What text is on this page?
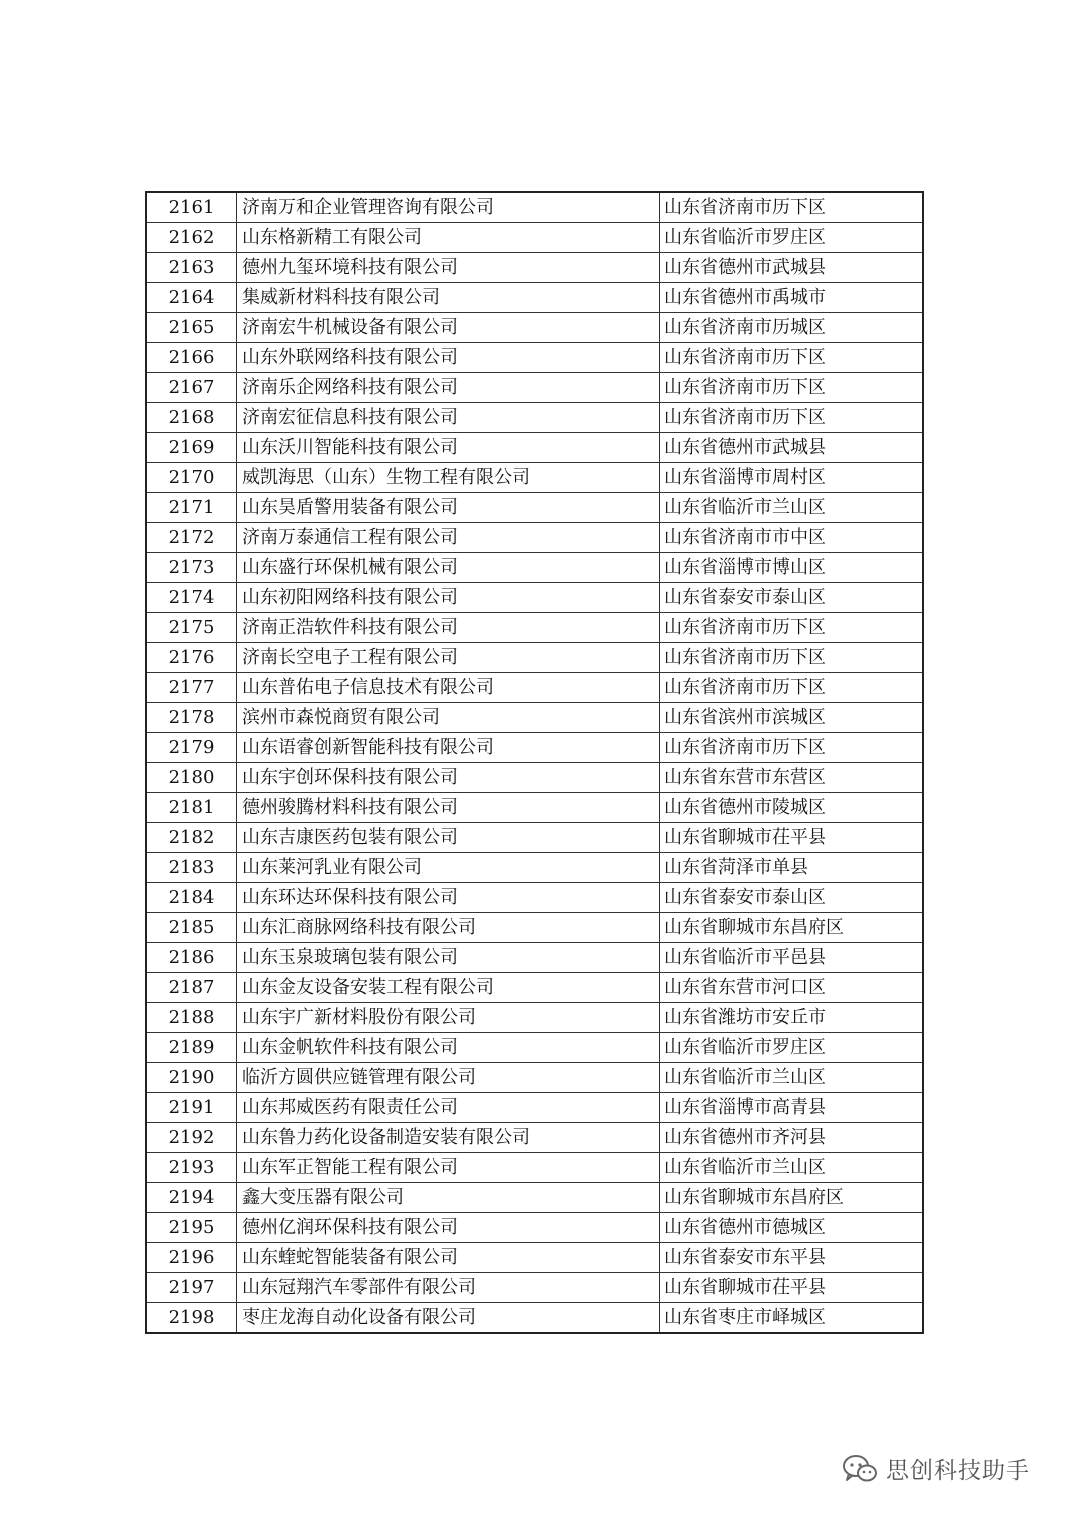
2161	济南万和企业管理咨询有限公司	山东省济南市历下区
2162	山东格新精工有限公司	山东省临沂市罗庄区
2163	德州九玺环境科技有限公司	山东省德州市武城县
2164	集威新材料科技有限公司	山东省德州市禹城市
2165	济南宏牛机械设备有限公司	山东省济南市历城区
2166	山东外联网络科技有限公司	山东省济南市历下区
2167	济南乐企网络科技有限公司	山东省济南市历下区
2168	济南宏征信息科技有限公司	山东省济南市历下区
2169	山东沃川智能科技有限公司	山东省德州市武城县
2170	威凯海思（山东）生物工程有限公司	山东省淄博市周村区
2171	山东昊盾警用装备有限公司	山东省临沂市兰山区
2172	济南万泰通信工程有限公司	山东省济南市市中区
2173	山东盛行环保机械有限公司	山东省淄博市博山区
2174	山东初阳网络科技有限公司	山东省泰安市泰山区
2175	济南正浩软件科技有限公司	山东省济南市历下区
2176	济南长空电子工程有限公司	山东省济南市历下区
2177	山东普佑电子信息技术有限公司	山东省济南市历下区
2178	滨州市森悦商贸有限公司	山东省滨州市滨城区
2179	山东语睿创新智能科技有限公司	山东省济南市历下区
2180	山东宇创环保科技有限公司	山东省东营市东营区
2181	德州骏腾材料科技有限公司	山东省德州市陵城区
2182	山东吉康医药包装有限公司	山东省聊城市茌平县
2183	山东莱河乳业有限公司	山东省菏泽市单县
2184	山东环达环保科技有限公司	山东省泰安市泰山区
2185	山东汇商脉网络科技有限公司	山东省聊城市东昌府区
2186	山东玉泉玻璃包装有限公司	山东省临沂市平邑县
2187	山东金友设备安装工程有限公司	山东省东营市河口区
2188	山东宇广新材料股份有限公司	山东省潍坊市安丘市
2189	山东金帆软件科技有限公司	山东省临沂市罗庄区
2190	临沂方圆供应链管理有限公司	山东省临沂市兰山区
2191	山东邦威医药有限责任公司	山东省淄博市高青县
2192	山东鲁力药化设备制造安装有限公司	山东省德州市齐河县
2193	山东军正智能工程有限公司	山东省临沂市兰山区
2194	鑫大变压器有限公司	山东省聊城市东昌府区
2195	德州亿润环保科技有限公司	山东省德州市德城区
2196	山东蝰蛇智能装备有限公司	山东省泰安市东平县
2197	山东冠翔汽车零部件有限公司	山东省聊城市茌平县
2198	枣庄龙海自动化设备有限公司	山东省枣庄市峄城区
思创科技助手
